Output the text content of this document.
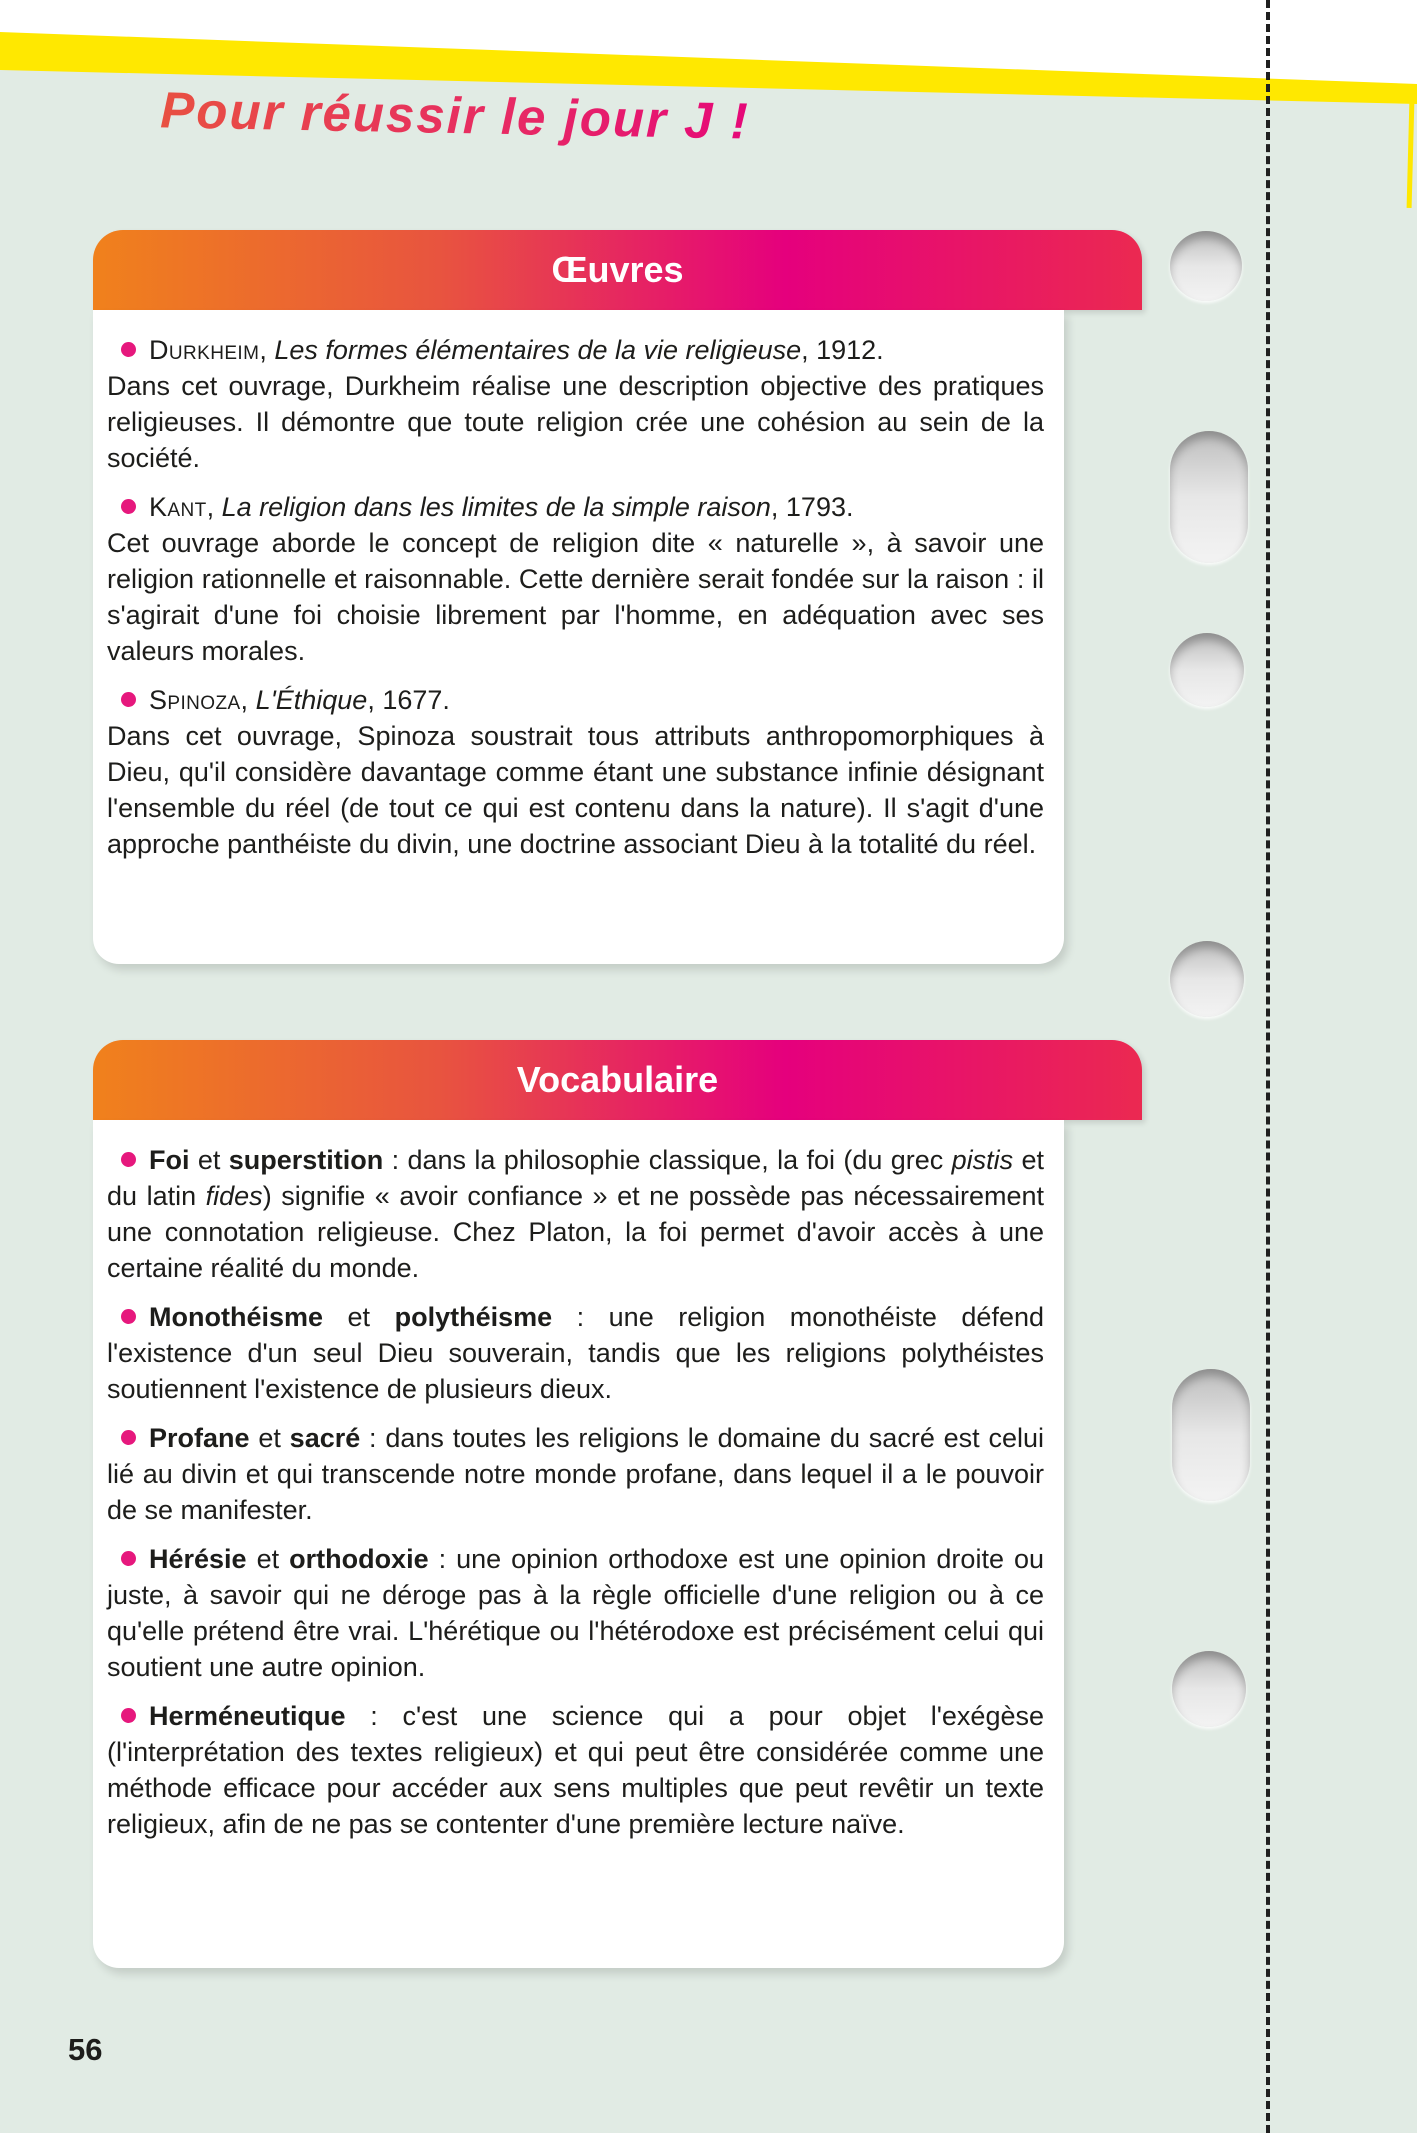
Pour réussir le jour J !
Œuvres

Durkheim, Les formes élémentaires de la vie religieuse, 1912.
Dans cet ouvrage, Durkheim réalise une description objective des pratiques religieuses. Il démontre que toute religion crée une cohésion au sein de la société.

Kant, La religion dans les limites de la simple raison, 1793.
Cet ouvrage aborde le concept de religion dite « naturelle », à savoir une religion rationnelle et raisonnable. Cette dernière serait fondée sur la raison : il s'agirait d'une foi choisie librement par l'homme, en adéquation avec ses valeurs morales.

Spinoza, L'Éthique, 1677.
Dans cet ouvrage, Spinoza soustrait tous attributs anthropomorphiques à Dieu, qu'il considère davantage comme étant une substance infinie désignant l'ensemble du réel (de tout ce qui est contenu dans la nature). Il s'agit d'une approche panthéiste du divin, une doctrine associant Dieu à la totalité du réel.

Vocabulaire

Foi et superstition : dans la philosophie classique, la foi (du grec pistis et du latin fides) signifie « avoir confiance » et ne possède pas nécessairement une connotation religieuse. Chez Platon, la foi permet d'avoir accès à une certaine réalité du monde.

Monothéisme et polythéisme : une religion monothéiste défend l'existence d'un seul Dieu souverain, tandis que les religions polythéistes soutiennent l'existence de plusieurs dieux.

Profane et sacré : dans toutes les religions le domaine du sacré est celui lié au divin et qui transcende notre monde profane, dans lequel il a le pouvoir de se manifester.

Hérésie et orthodoxie : une opinion orthodoxe est une opinion droite ou juste, à savoir qui ne déroge pas à la règle officielle d'une religion ou à ce qu'elle prétend être vrai. L'hérétique ou l'hétérodoxe est précisément celui qui soutient une autre opinion.

Herméneutique : c'est une science qui a pour objet l'exégèse (l'interprétation des textes religieux) et qui peut être considérée comme une méthode efficace pour accéder aux sens multiples que peut revêtir un texte religieux, afin de ne pas se contenter d'une première lecture naïve.

56
